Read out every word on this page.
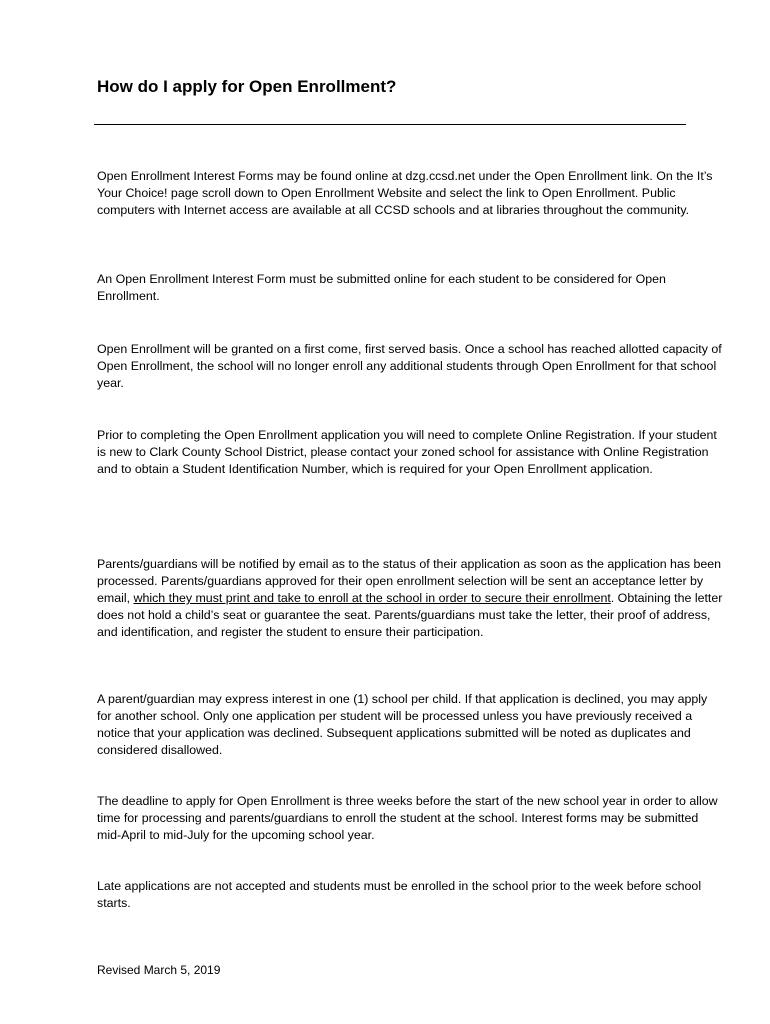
How do I apply for Open Enrollment?

Open Enrollment Interest Forms may be found online at dzg.ccsd.net under the Open Enrollment link. On the It’s Your Choice! page scroll down to Open Enrollment Website and select the link to Open Enrollment. Public computers with Internet access are available at all CCSD schools and at libraries throughout the community.

An Open Enrollment Interest Form must be submitted online for each student to be considered for Open Enrollment.

Open Enrollment will be granted on a first come, first served basis. Once a school has reached allotted capacity of Open Enrollment, the school will no longer enroll any additional students through Open Enrollment for that school year.

Prior to completing the Open Enrollment application you will need to complete Online Registration. If your student is new to Clark County School District, please contact your zoned school for assistance with Online Registration and to obtain a Student Identification Number, which is required for your Open Enrollment application.

Parents/guardians will be notified by email as to the status of their application as soon as the application has been processed. Parents/guardians approved for their open enrollment selection will be sent an acceptance letter by email, which they must print and take to enroll at the school in order to secure their enrollment. Obtaining the letter does not hold a child’s seat or guarantee the seat. Parents/guardians must take the letter, their proof of address, and identification, and register the student to ensure their participation.

A parent/guardian may express interest in one (1) school per child. If that application is declined, you may apply for another school. Only one application per student will be processed unless you have previously received a notice that your application was declined. Subsequent applications submitted will be noted as duplicates and considered disallowed.

The deadline to apply for Open Enrollment is three weeks before the start of the new school year in order to allow time for processing and parents/guardians to enroll the student at the school. Interest forms may be submitted mid-April to mid-July for the upcoming school year.

Late applications are not accepted and students must be enrolled in the school prior to the week before school starts.

Revised March 5, 2019
